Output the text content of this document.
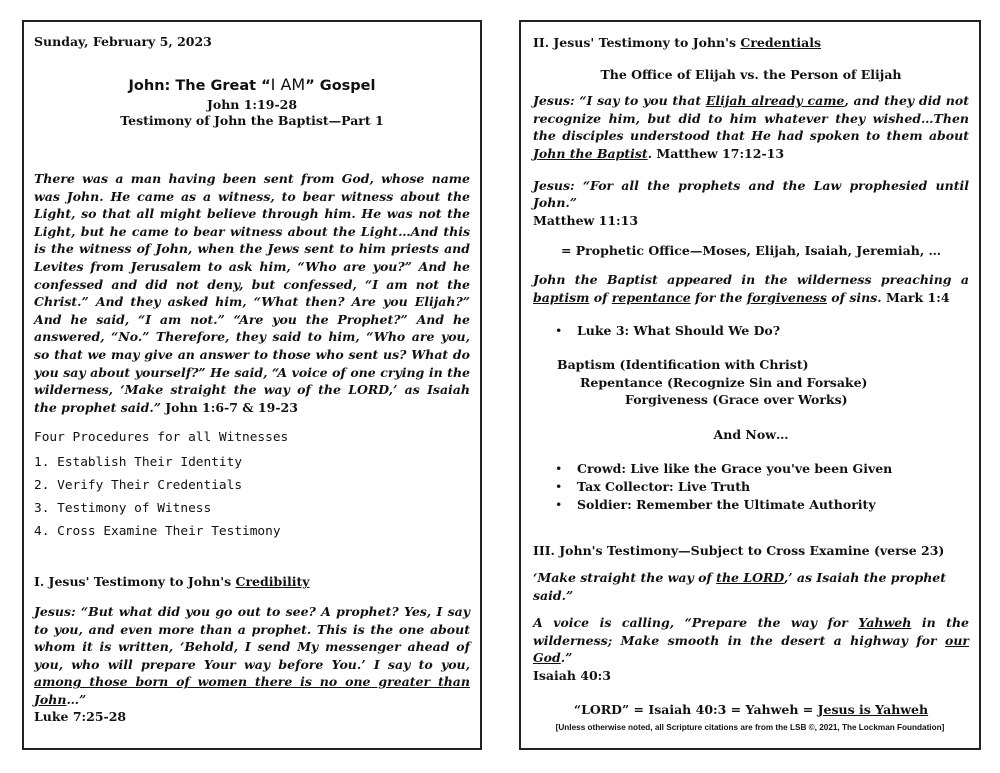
Sunday, February 5, 2023
John: The Great “I AM” Gospel
John 1:19-28
Testimony of John the Baptist—Part 1

There was a man having been sent from God, whose name was John. He came as a witness, to bear witness about the Light, so that all might believe through him. He was not the Light, but he came to bear witness about the Light…And this is the witness of John, when the Jews sent to him priests and Levites from Jerusalem to ask him, “Who are you?” And he confessed and did not deny, but confessed, “I am not the Christ.” And they asked him, “What then? Are you Elijah?” And he said, “I am not.” “Are you the Prophet?” And he answered, “No.” Therefore, they said to him, “Who are you, so that we may give an answer to those who sent us? What do you say about yourself?” He said, “A voice of one crying in the wilderness, ‘Make straight the way of the LORD,’ as Isaiah the prophet said.” John 1:6-7 & 19-23

Four Procedures for all Witnesses
1. Establish Their Identity
2. Verify Their Credentials
3. Testimony of Witness
4. Cross Examine Their Testimony
I. Jesus' Testimony to John's Credibility

Jesus: “But what did you go out to see? A prophet? Yes, I say to you, and even more than a prophet. This is the one about whom it is written, ‘Behold, I send My messenger ahead of you, who will prepare Your way before You.’ I say to you, among those born of women there is no one greater than John…”

Luke 7:25-28
II. Jesus' Testimony to John's Credentials
The Office of Elijah vs. the Person of Elijah

Jesus: “I say to you that Elijah already came, and they did not recognize him, but did to him whatever they wished…Then the disciples understood that He had spoken to them about John the Baptist. Matthew 17:12-13

Jesus: “For all the prophets and the Law prophesied until John.”
Matthew 11:13

= Prophetic Office—Moses, Elijah, Isaiah, Jeremiah, …

John the Baptist appeared in the wilderness preaching a baptism of repentance for the forgiveness of sins. Mark 1:4

• Luke 3: What Should We Do?
Baptism (Identification with Christ)
Repentance (Recognize Sin and Forsake)
Forgiveness (Grace over Works)
And Now…
• Crowd: Live like the Grace you've been Given
• Tax Collector: Live Truth
• Soldier: Remember the Ultimate Authority
III. John's Testimony—Subject to Cross Examine (verse 23)

‘Make straight the way of the LORD,’ as Isaiah the prophet said.”

A voice is calling, “Prepare the way for Yahweh in the wilderness; Make smooth in the desert a highway for our God.”

Isaiah 40:3
“LORD” = Isaiah 40:3 = Yahweh = Jesus is Yahweh
[Unless otherwise noted, all Scripture citations are from the LSB ©, 2021, The Lockman Foundation]
